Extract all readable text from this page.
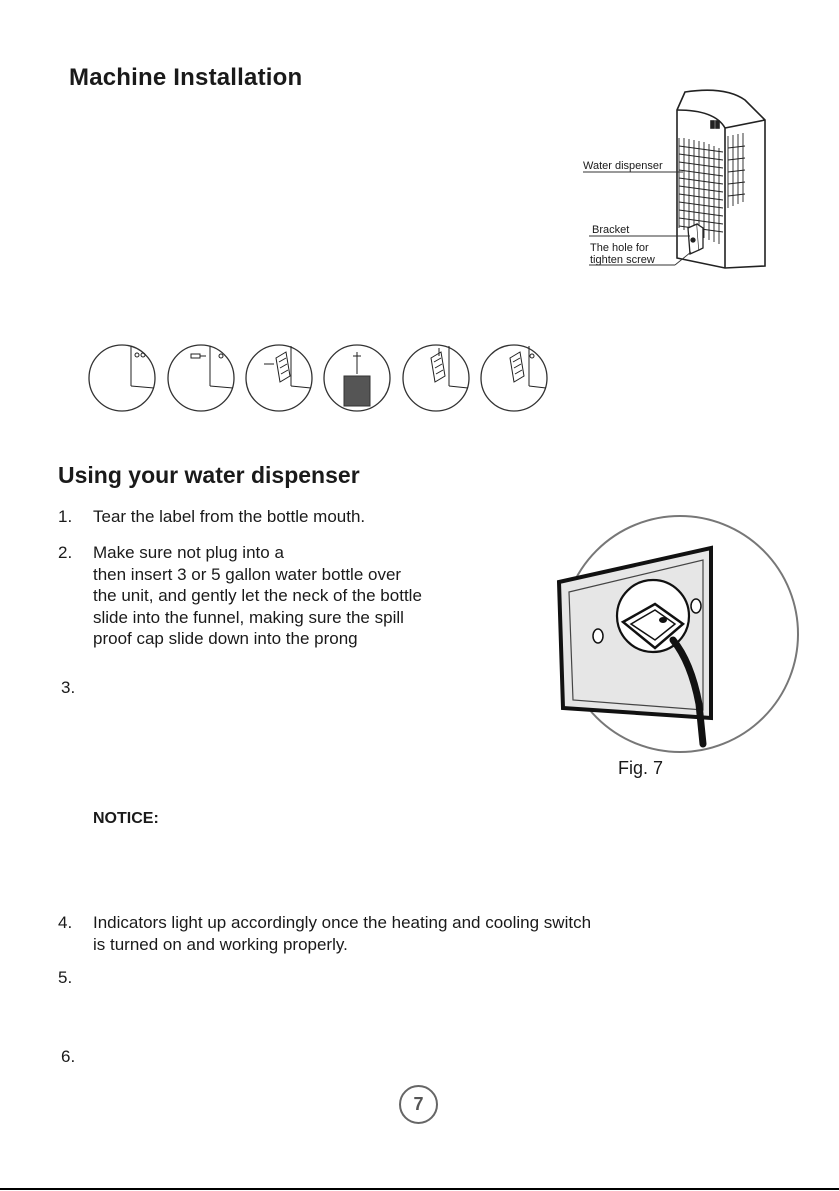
Machine Installation
Water dispenser
Bracket
The hole for
tighten screw
Using your water dispenser
1. Tear the label from the bottle mouth.
2. Make sure not plug into a
then insert 3 or 5 gallon water bottle over
the unit, and gently let the neck of the bottle
slide into the funnel, making sure the spill
proof cap slide down into the prong
3.
Fig. 7
NOTICE:
4. Indicators light up accordingly once the heating and cooling switch
is turned on and working properly.
5.
6.
7
